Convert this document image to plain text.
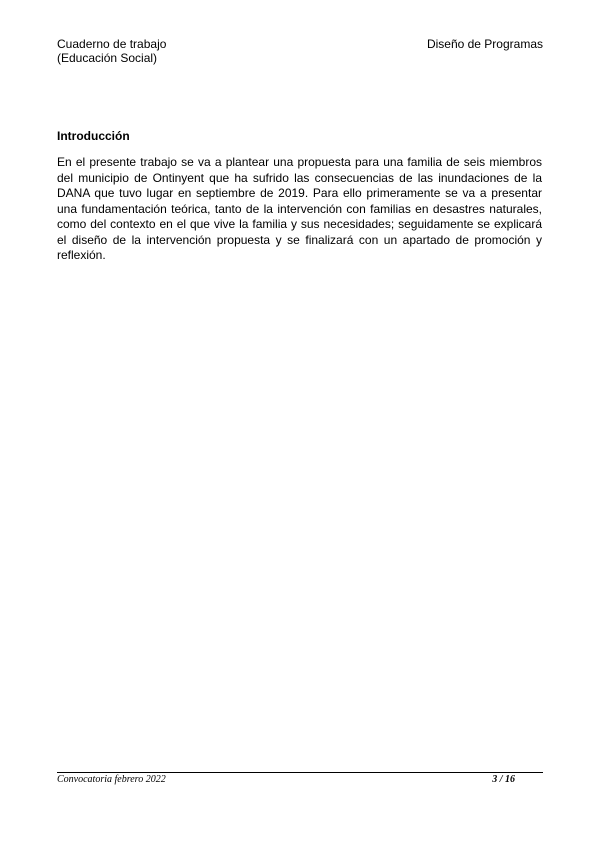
Cuaderno de trabajo
(Educación Social)
Diseño de Programas
Introducción

En el presente trabajo se va a plantear una propuesta para una familia de seis miembros del municipio de Ontinyent que ha sufrido las consecuencias de las inundaciones de la DANA que tuvo lugar en septiembre de 2019. Para ello primeramente se va a presentar una fundamentación teórica, tanto de la intervención con familias en desastres naturales, como del contexto en el que vive la familia y sus necesidades; seguidamente se explicará el diseño de la intervención propuesta y se finalizará con un apartado de promoción y reflexión.

Convocatoria febrero 2022	3 / 16
